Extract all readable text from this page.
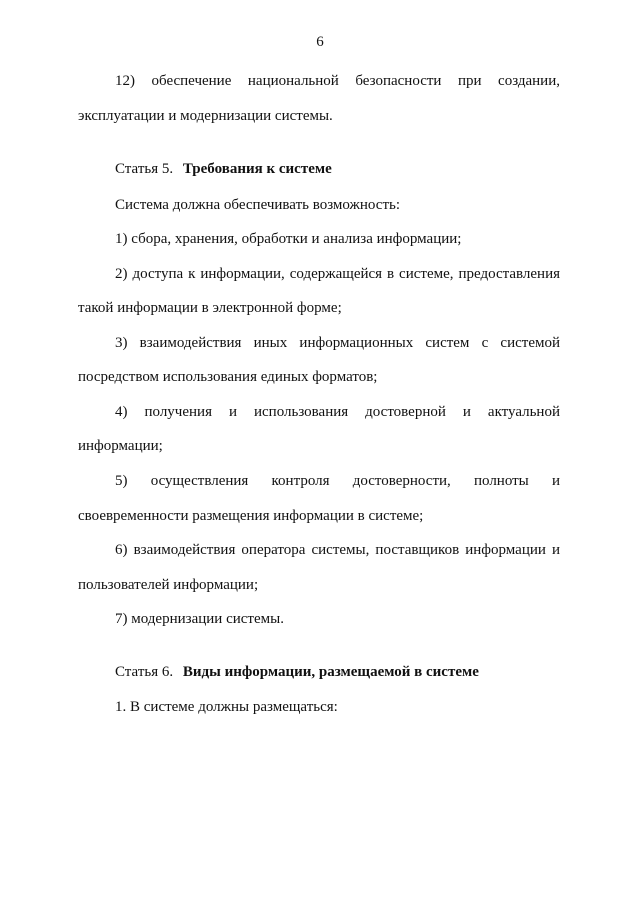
6
12) обеспечение национальной безопасности при создании,
эксплуатации и модернизации системы.
Статья 5. Требования к системе
Система должна обеспечивать возможность:
1) сбора, хранения, обработки и анализа информации;
2) доступа к информации, содержащейся в системе, предоставления
такой информации в электронной форме;
3) взаимодействия иных информационных систем с системой
посредством использования единых форматов;
4) получения и использования достоверной и актуальной
информации;
5) осуществления контроля достоверности, полноты и
своевременности размещения информации в системе;
6) взаимодействия оператора системы, поставщиков информации и
пользователей информации;
7) модернизации системы.
Статья 6. Виды информации, размещаемой в системе
1. В системе должны размещаться:
